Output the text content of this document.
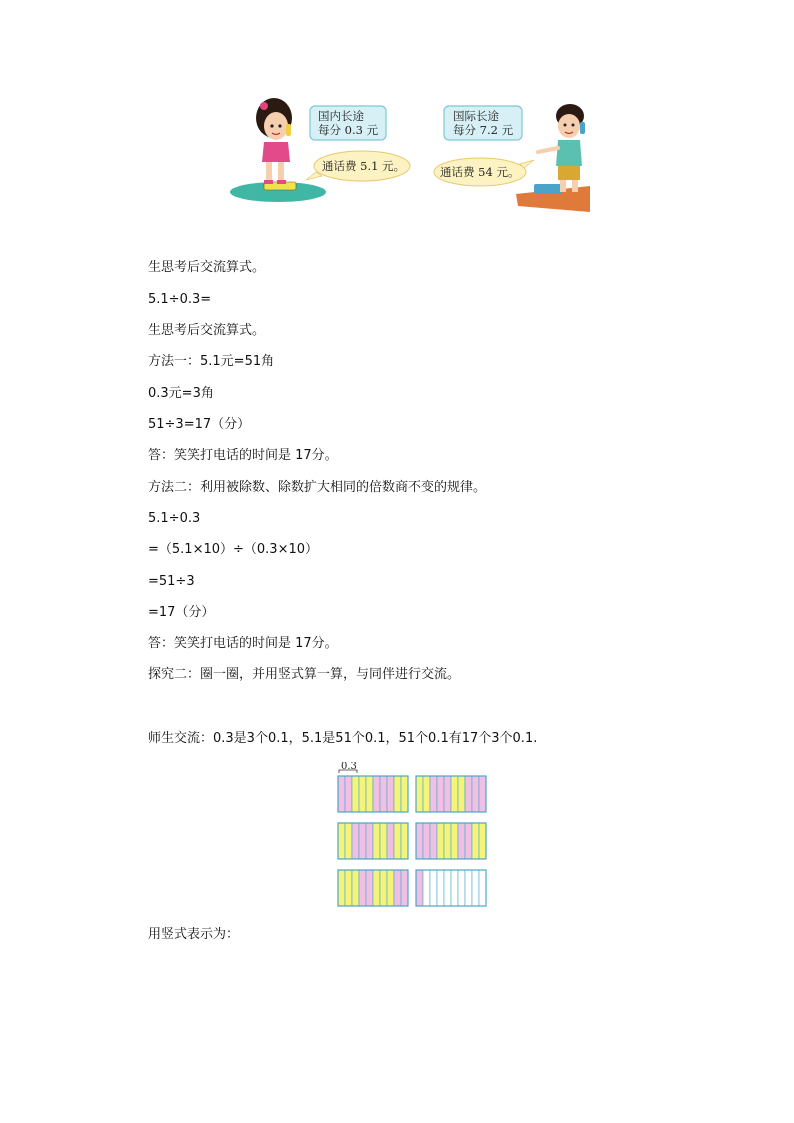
国内长途
每分 0.3 元
通话费 5.1 元。
国际长途
每分 7.2 元
通话费 54 元。
生思考后交流算式。
5.1÷0.3=
生思考后交流算式。
方法一：5.1元=51角
0.3元=3角
51÷3=17（分）
答：笑笑打电话的时间是 17分。
方法二：利用被除数、除数扩大相同的倍数商不变的规律。
5.1÷0.3
=（5.1×10）÷（0.3×10）
=51÷3
=17（分）
答：笑笑打电话的时间是 17分。
探究二：圈一圈，并用竖式算一算，与同伴进行交流。
师生交流：0.3是3个0.1，5.1是51个0.1，51个0.1有17个3个0.1.
用竖式表示为：
0.3
